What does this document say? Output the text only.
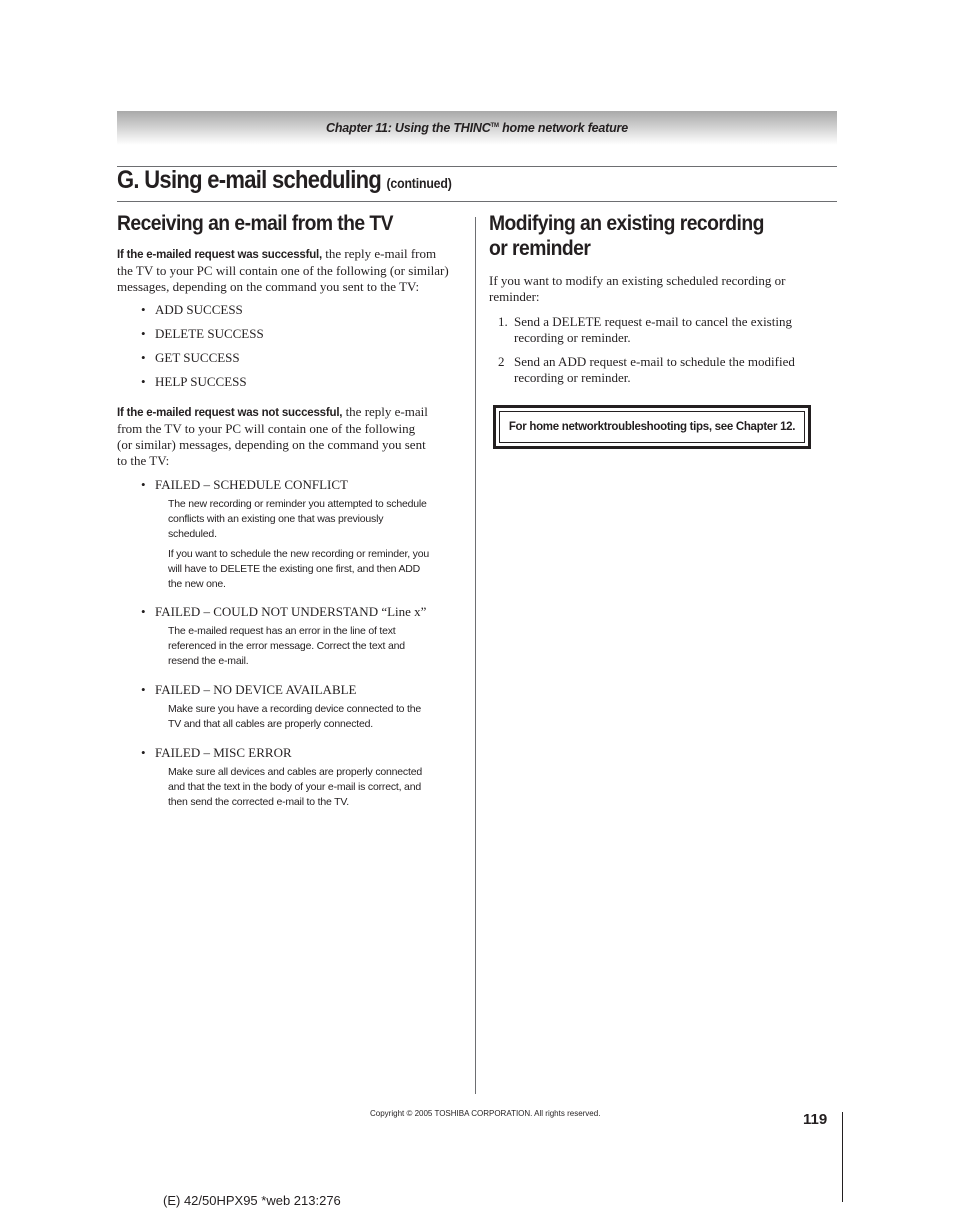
Chapter 11: Using the THINC™ home network feature
G. Using e-mail scheduling (continued)
Receiving an e-mail from the TV
If the e-mailed request was successful, the reply e-mail from
the TV to your PC will contain one of the following (or similar)
messages, depending on the command you sent to the TV:
• ADD SUCCESS
• DELETE SUCCESS
• GET SUCCESS
• HELP SUCCESS
If the e-mailed request was not successful, the reply e-mail
from the TV to your PC will contain one of the following
(or similar) messages, depending on the command you sent
to the TV:
• FAILED – SCHEDULE CONFLICT

The new recording or reminder you attempted to schedule
conflicts with an existing one that was previously
scheduled.

If you want to schedule the new recording or reminder, you
will have to DELETE the existing one first, and then ADD
the new one.

• FAILED – COULD NOT UNDERSTAND “Line x”

The e-mailed request has an error in the line of text
referenced in the error message. Correct the text and
resend the e-mail.

• FAILED – NO DEVICE AVAILABLE

Make sure you have a recording device connected to the
TV and that all cables are properly connected.

• FAILED – MISC ERROR

Make sure all devices and cables are properly connected
and that the text in the body of your e-mail is correct, and
then send the corrected e-mail to the TV.

Modifying an existing recording
or reminder
If you want to modify an existing scheduled recording or
reminder:
1. Send a DELETE request e-mail to cancel the existing
recording or reminder.
2 Send an ADD request e-mail to schedule the modified
recording or reminder.
For home networktroubleshooting tips, see Chapter 12.
Copyright © 2005 TOSHIBA CORPORATION. All rights reserved.	119
(E) 42/50HPX95 *web 213:276
